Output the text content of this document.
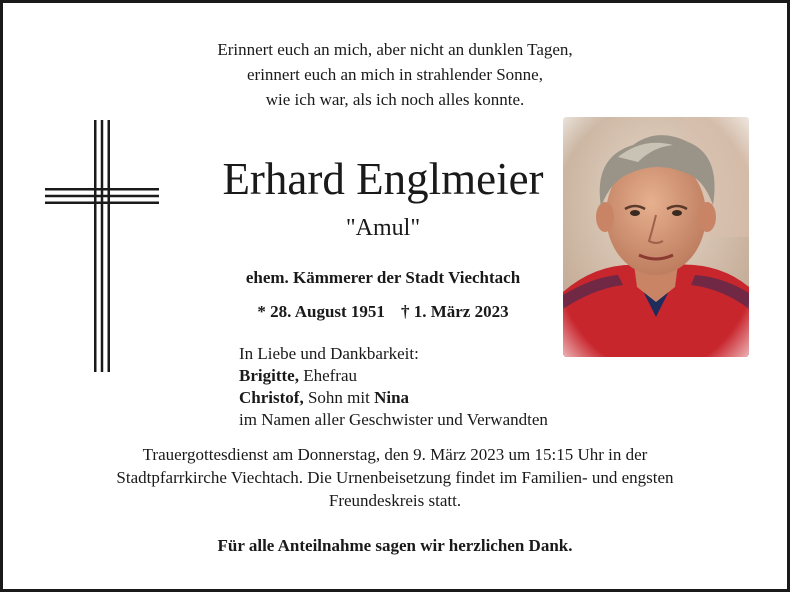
Erinnert euch an mich, aber nicht an dunklen Tagen,
erinnert euch an mich in strahlender Sonne,
wie ich war, als ich noch alles konnte.
Erhard Englmeier
"Amul"
ehem. Kämmerer der Stadt Viechtach
* 28. August 1951 † 1. März 2023
In Liebe und Dankbarkeit:
Brigitte, Ehefrau
Christof, Sohn mit Nina
im Namen aller Geschwister und Verwandten
Trauergottesdienst am Donnerstag, den 9. März 2023 um 15:15 Uhr in der
Stadtpfarrkirche Viechtach. Die Urnenbeisetzung findet im Familien- und engsten
Freundeskreis statt.
Für alle Anteilnahme sagen wir herzlichen Dank.
